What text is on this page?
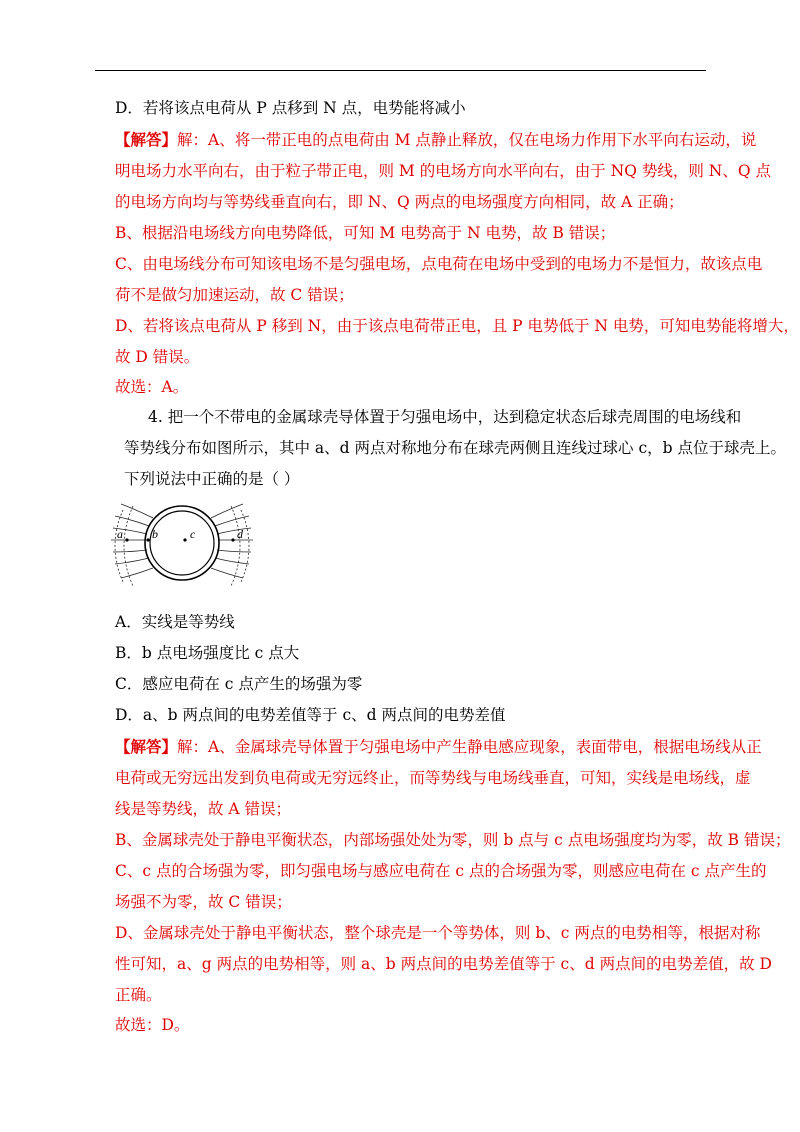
D．若将该点电荷从 P 点移到 N 点，电势能将减小
【解答】解：A、将一带正电的点电荷由 M 点静止释放，仅在电场力作用下水平向右运动，说
明电场力水平向右，由于粒子带正电，则 M 的电场方向水平向右，由于 NQ 势线，则 N、Q 点
的电场方向均与等势线垂直向右，即 N、Q 两点的电场强度方向相同，故 A 正确；
B、根据沿电场线方向电势降低，可知 M 电势高于 N 电势，故 B 错误；
C、由电场线分布可知该电场不是匀强电场，点电荷在电场中受到的电场力不是恒力，故该点电
荷不是做匀加速运动，故 C 错误；
D、若将该点电荷从 P 移到 N，由于该点电荷带正电，且 P 电势低于 N 电势，可知电势能将增大，
故 D 错误。
故选：A。
4. 把一个不带电的金属球壳导体置于匀强电场中，达到稳定状态后球壳周围的电场线和
等势线分布如图所示，其中 a、d 两点对称地分布在球壳两侧且连线过球心 c，b 点位于球壳上。
下列说法中正确的是（ ）
a b	c	d
A．实线是等势线
B．b 点电场强度比 c 点大
C．感应电荷在 c 点产生的场强为零
D．a、b 两点间的电势差值等于 c、d 两点间的电势差值
【解答】解：A、金属球壳导体置于匀强电场中产生静电感应现象，表面带电，根据电场线从正
电荷或无穷远出发到负电荷或无穷远终止，而等势线与电场线垂直，可知，实线是电场线，虚
线是等势线，故 A 错误；
B、金属球壳处于静电平衡状态，内部场强处处为零，则 b 点与 c 点电场强度均为零，故 B 错误；
C、c 点的合场强为零，即匀强电场与感应电荷在 c 点的合场强为零，则感应电荷在 c 点产生的
场强不为零，故 C 错误；
D、金属球壳处于静电平衡状态，整个球壳是一个等势体，则 b、c 两点的电势相等，根据对称
性可知，a、g 两点的电势相等，则 a、b 两点间的电势差值等于 c、d 两点间的电势差值，故 D
正确。
故选：D。
